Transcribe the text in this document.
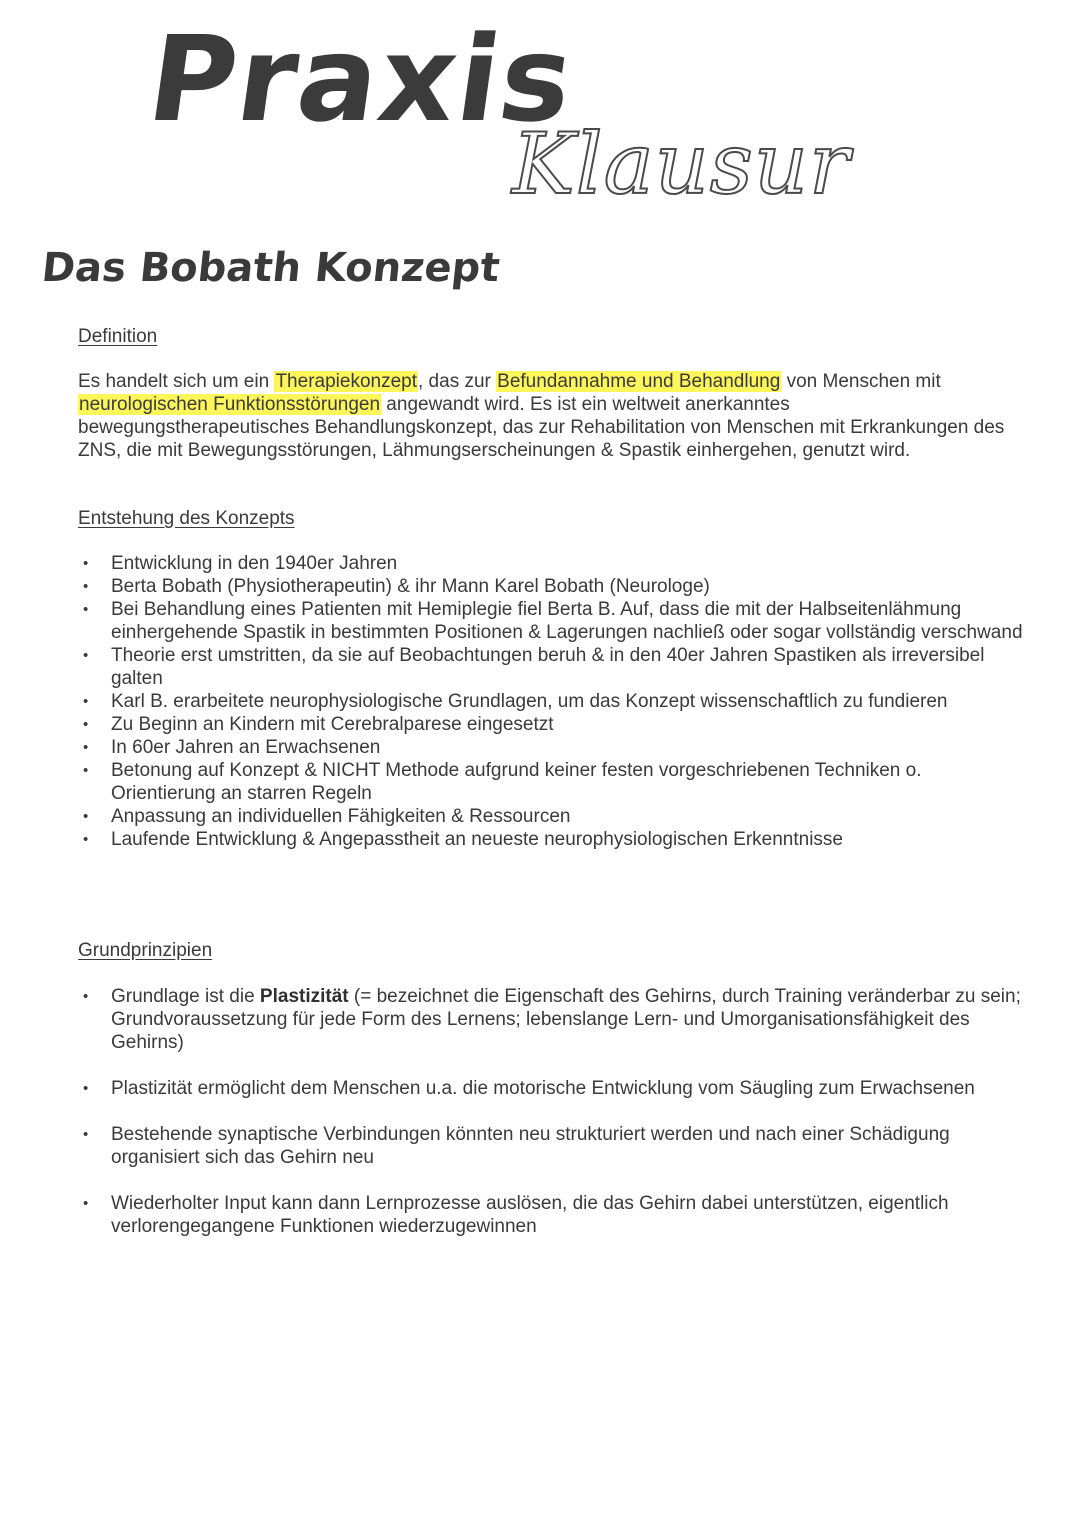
Praxis
Klausur
Das Bobath Konzept

Definition

Es handelt sich um ein Therapiekonzept, das zur Befundannahme und Behandlung von Menschen mit neurologischen Funktionsstörungen angewandt wird. Es ist ein weltweit anerkanntes bewegungstherapeutisches Behandlungskonzept, das zur Rehabilitation von Menschen mit Erkrankungen des ZNS, die mit Bewegungsstörungen, Lähmungserscheinungen & Spastik einhergehen, genutzt wird.

Entstehung des Konzepts

• Entwicklung in den 1940er Jahren
• Berta Bobath (Physiotherapeutin) & ihr Mann Karel Bobath (Neurologe)
• Bei Behandlung eines Patienten mit Hemiplegie fiel Berta B. Auf, dass die mit der Halbseitenlähmung einhergehende Spastik in bestimmten Positionen & Lagerungen nachließ oder sogar vollständig verschwand
• Theorie erst umstritten, da sie auf Beobachtungen beruh & in den 40er Jahren Spastiken als irreversibel galten
• Karl B. erarbeitete neurophysiologische Grundlagen, um das Konzept wissenschaftlich zu fundieren
• Zu Beginn an Kindern mit Cerebralparese eingesetzt
• In 60er Jahren an Erwachsenen
• Betonung auf Konzept & NICHT Methode aufgrund keiner festen vorgeschriebenen Techniken o. Orientierung an starren Regeln
• Anpassung an individuellen Fähigkeiten & Ressourcen
• Laufende Entwicklung & Angepasstheit an neueste neurophysiologischen Erkenntnisse

Grundprinzipien

• Grundlage ist die Plastizität (= bezeichnet die Eigenschaft des Gehirns, durch Training veränderbar zu sein; Grundvoraussetzung für jede Form des Lernens; lebenslange Lern- und Umorganisationsfähigkeit des Gehirns)
• Plastizität ermöglicht dem Menschen u.a. die motorische Entwicklung vom Säugling zum Erwachsenen
• Bestehende synaptische Verbindungen könnten neu strukturiert werden und nach einer Schädigung organisiert sich das Gehirn neu
• Wiederholter Input kann dann Lernprozesse auslösen, die das Gehirn dabei unterstützen, eigentlich verlorengegangene Funktionen wiederzugewinnen
